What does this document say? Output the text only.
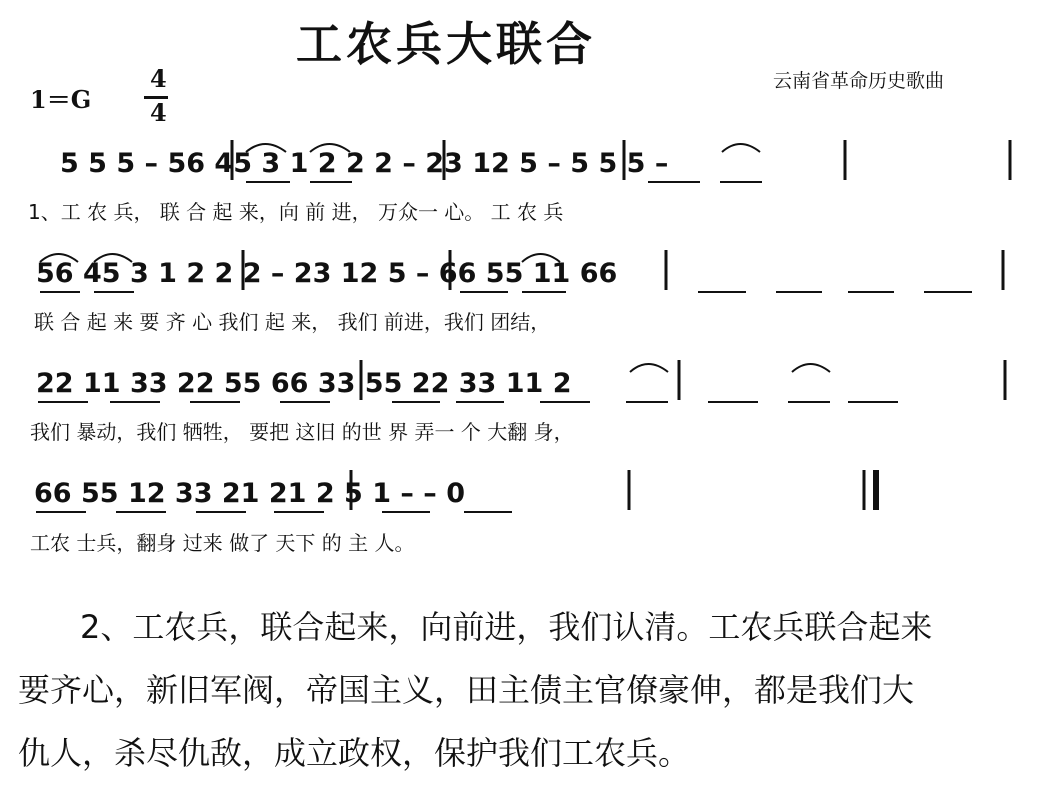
工农兵大联合
云南省革命历史歌曲
1＝G
4
4
5 5 5 – 56 45 3 1 2 2 2 – 23 12 5 – 5 5 5 –
1、工 农 兵， 联 合 起 来，向 前 进， 万众一 心。 工 农 兵
56 45 3 1 2 2 2 – 23 12 5 – 66 55 11 66
联 合 起 来 要 齐 心 我们 起 来， 我们 前进，我们 团结，
22 11 33 22 55 66 33 55 22 33 11 2
我们 暴动，我们 牺牲， 要把 这旧 的世 界 弄一 个 大翻 身，
66 55 12 33 21 21 2 5 1 – – 0
工农 士兵，翻身 过来 做了 天下 的 主 人。
2、工农兵，联合起来，向前进，我们认清。工农兵联合起来
要齐心，新旧军阀，帝国主义，田主债主官僚豪伸，都是我们大
仇人，杀尽仇敌，成立政权，保护我们工农兵。
